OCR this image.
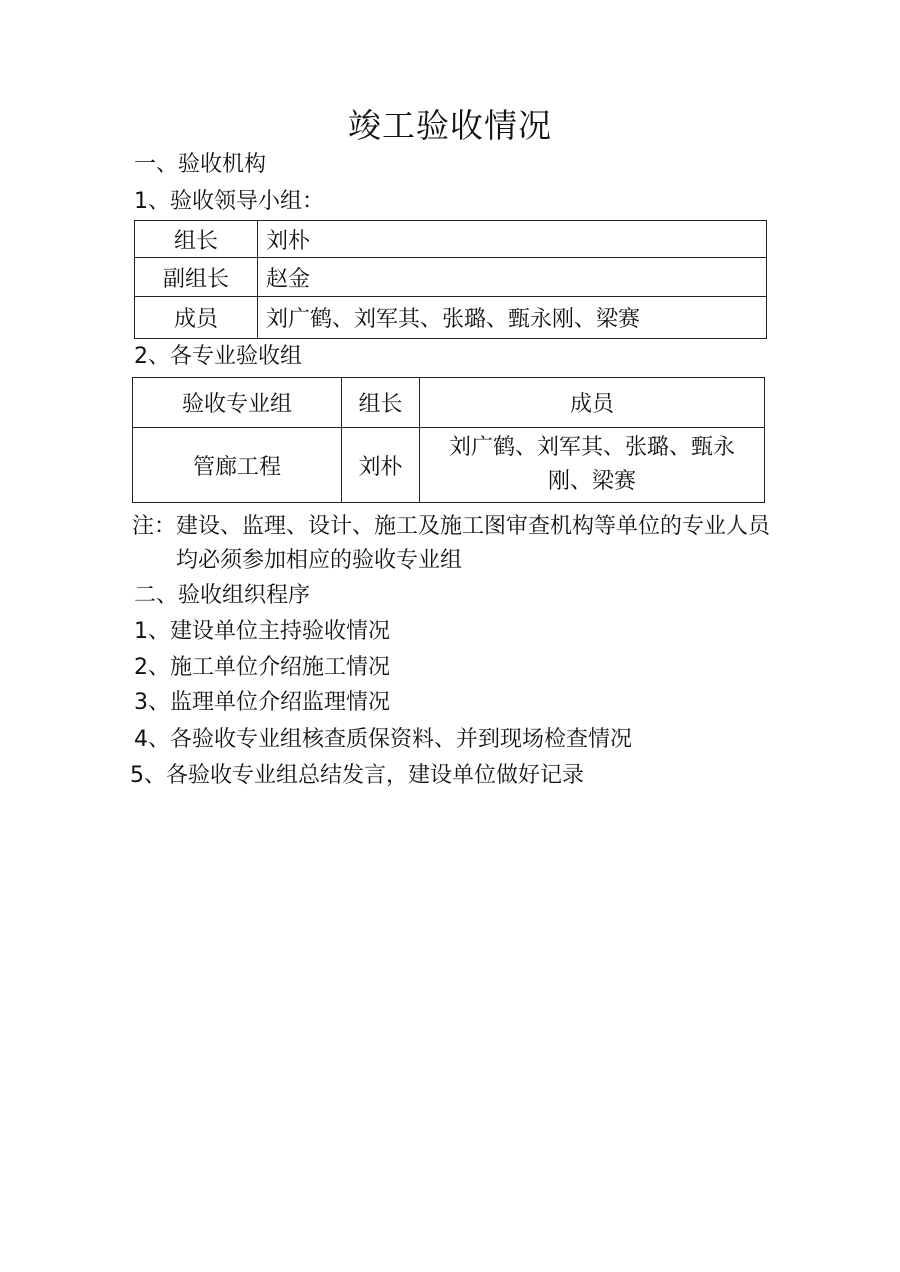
竣工验收情况
一、验收机构
1、验收领导小组：
组长	刘朴
副组长	赵金
成员	刘广鹤、刘军其、张璐、甄永刚、梁赛
2、各专业验收组
验收专业组	组长	成员
管廊工程	刘朴	刘广鹤、刘军其、张璐、甄永刚、梁赛
注： 建设、监理、设计、施工及施工图审查机构等单位的专业人员均必须参加相应的验收专业组
二、验收组织程序
1、建设单位主持验收情况
2、施工单位介绍施工情况
3、监理单位介绍监理情况
4、各验收专业组核查质保资料、并到现场检查情况
5、各验收专业组总结发言，建设单位做好记录
